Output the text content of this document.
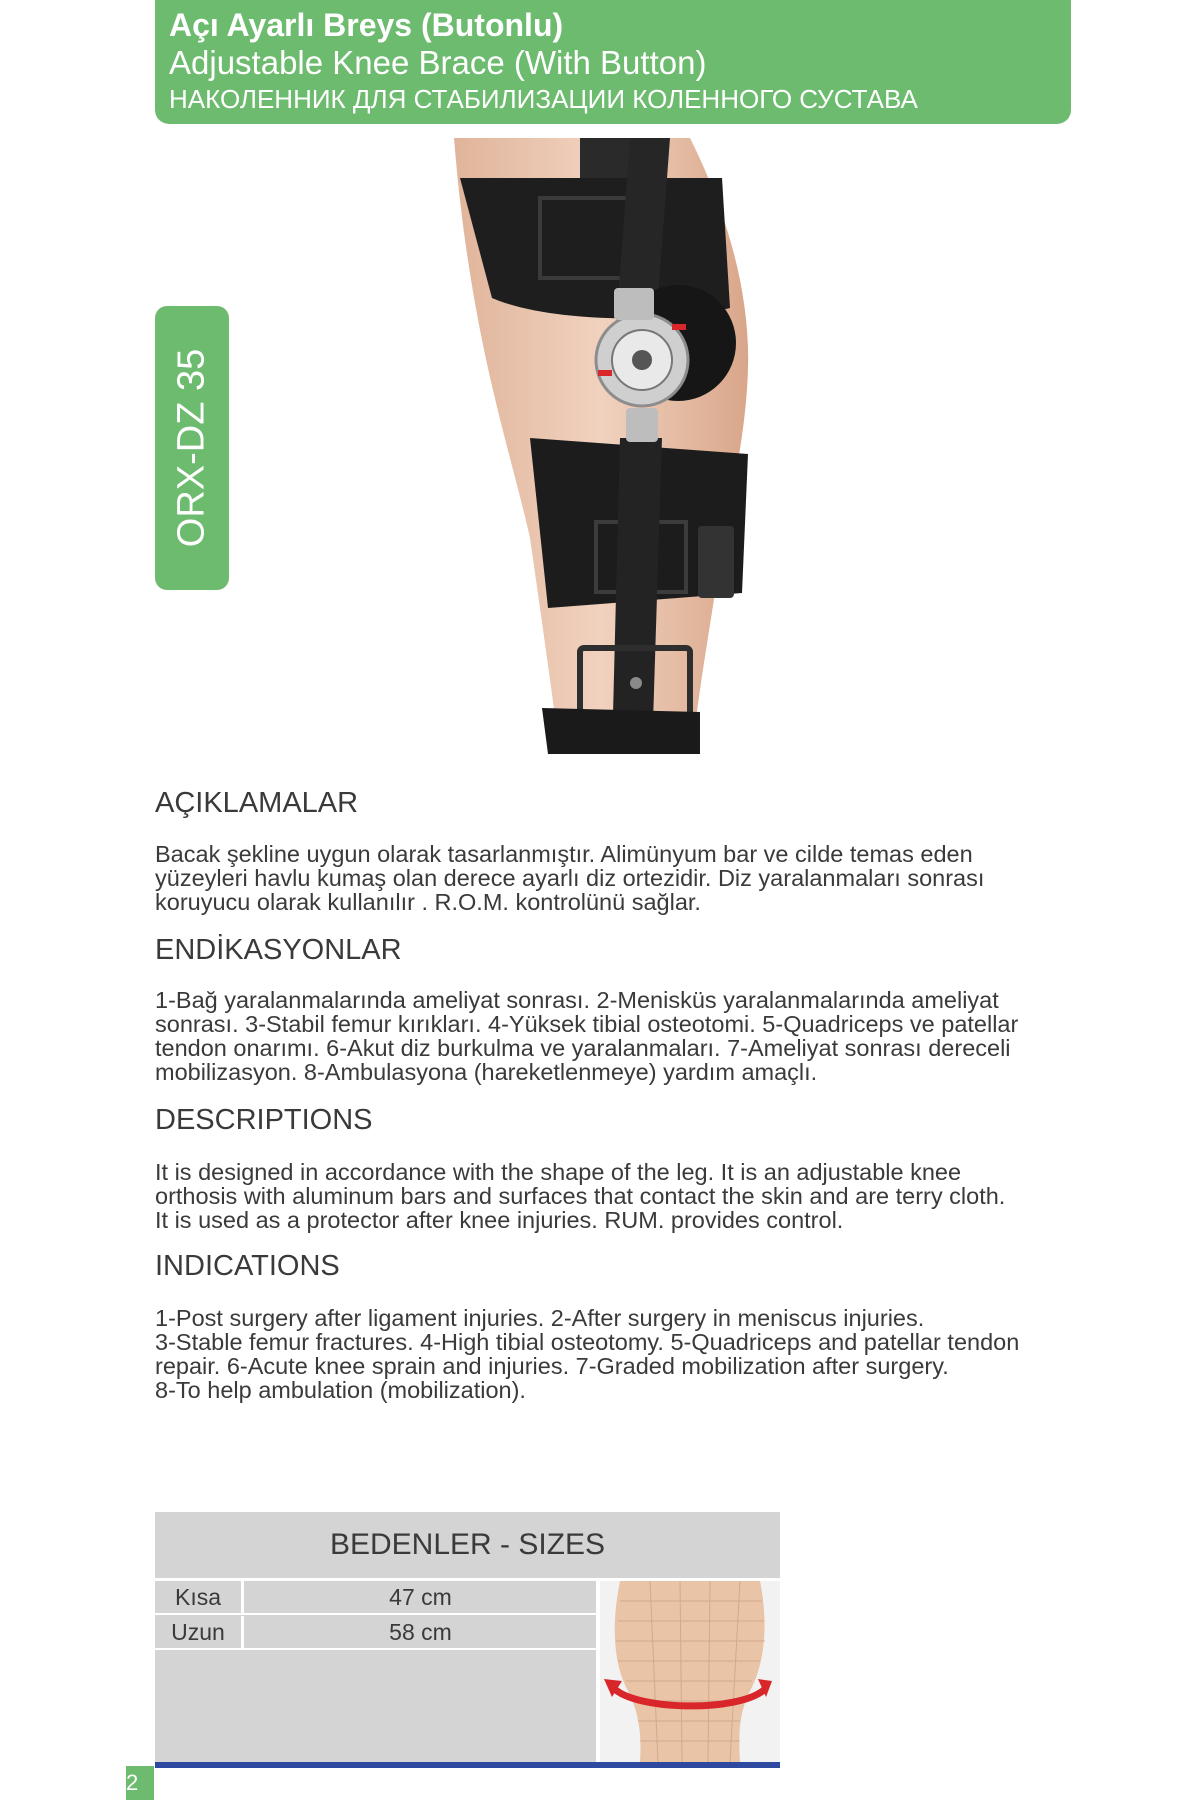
Açı Ayarlı Breys (Butonlu)
Adjustable Knee Brace (With Button)
НАКОЛЕННИК ДЛЯ СТАБИЛИЗАЦИИ КОЛЕННОГО СУСТАВА
ORX-DZ 35
AÇIKLAMALAR
Bacak şekline uygun olarak tasarlanmıştır. Alimünyum bar ve cilde temas eden
yüzeyleri havlu kumaş olan derece ayarlı diz ortezidir. Diz yaralanmaları sonrası
koruyucu olarak kullanılır . R.O.M. kontrolünü sağlar.
ENDİKASYONLAR
1-Bağ yaralanmalarında ameliyat sonrası. 2-Menisküs yaralanmalarında ameliyat
sonrası. 3-Stabil femur kırıkları. 4-Yüksek tibial osteotomi. 5-Quadriceps ve patellar
tendon onarımı. 6-Akut diz burkulma ve yaralanmaları. 7-Ameliyat sonrası dereceli
mobilizasyon. 8-Ambulasyona (hareketlenmeye) yardım amaçlı.
DESCRIPTIONS
It is designed in accordance with the shape of the leg. It is an adjustable knee
orthosis with aluminum bars and surfaces that contact the skin and are terry cloth.
It is used as a protector after knee injuries. RUM. provides control.
INDICATIONS
1-Post surgery after ligament injuries. 2-After surgery in meniscus injuries.
3-Stable femur fractures. 4-High tibial osteotomy. 5-Quadriceps and patellar tendon
repair. 6-Acute knee sprain and injuries. 7-Graded mobilization after surgery.
8-To help ambulation (mobilization).
BEDENLER - SIZES
Kısa	47 cm
Uzun	58 cm
2
